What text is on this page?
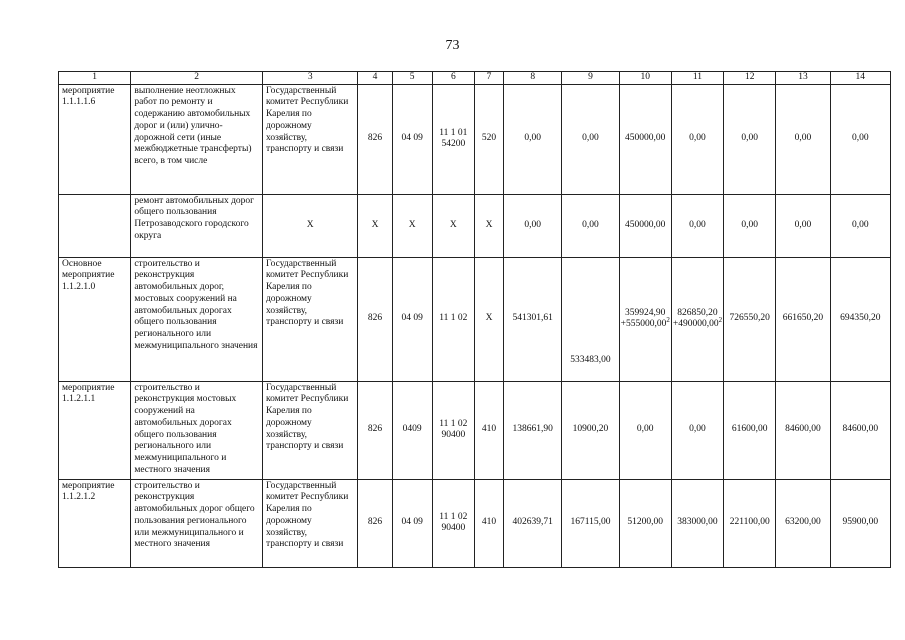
73
1	2	3	4	5	6	7	8	9	10	11	12	13	14
мероприятие 1.1.1.1.6	выполнение неотложных работ по ремонту и содержанию автомобильных дорог и (или) улично-дорожной сети (иные межбюджетные трансферты) всего, в том числе	Государственный комитет Республики Карелия по дорожному хозяйству, транспорту и связи	826	04 09	11 1 01 54200	520	0,00	0,00	450000,00	0,00	0,00	0,00	0,00
	ремонт автомобильных дорог общего пользования Петрозаводского городского округа	X	X	X	X	X	0,00	0,00	450000,00	0,00	0,00	0,00	0,00
Основное мероприятие 1.1.2.1.0	строительство и реконструкция автомобильных дорог, мостовых сооружений на автомобильных дорогах общего пользования регионального или межмуниципального значения	Государственный комитет Республики Карелия по дорожному хозяйству, транспорту и связи	826	04 09	11 1 02	X	541301,61	533483,00	$359924,90 +555000,00^2$	$826850,20 +490000,00^2$	726550,20	661650,20	694350,20
мероприятие 1.1.2.1.1	строительство и реконструкция мостовых сооружений на автомобильных дорогах общего пользования регионального или межмуниципального и местного значения	Государственный комитет Республики Карелия по дорожному хозяйству, транспорту и связи	826	0409	11 1 02 90400	410	138661,90	10900,20	0,00	0,00	61600,00	84600,00	84600,00
мероприятие 1.1.2.1.2	строительство и реконструкция автомобильных дорог общего пользования регионального или межмуниципального и местного значения	Государственный комитет Республики Карелия по дорожному хозяйству, транспорту и связи	826	04 09	11 1 02 90400	410	402639,71	167115,00	51200,00	383000,00	221100,00	63200,00	95900,00
